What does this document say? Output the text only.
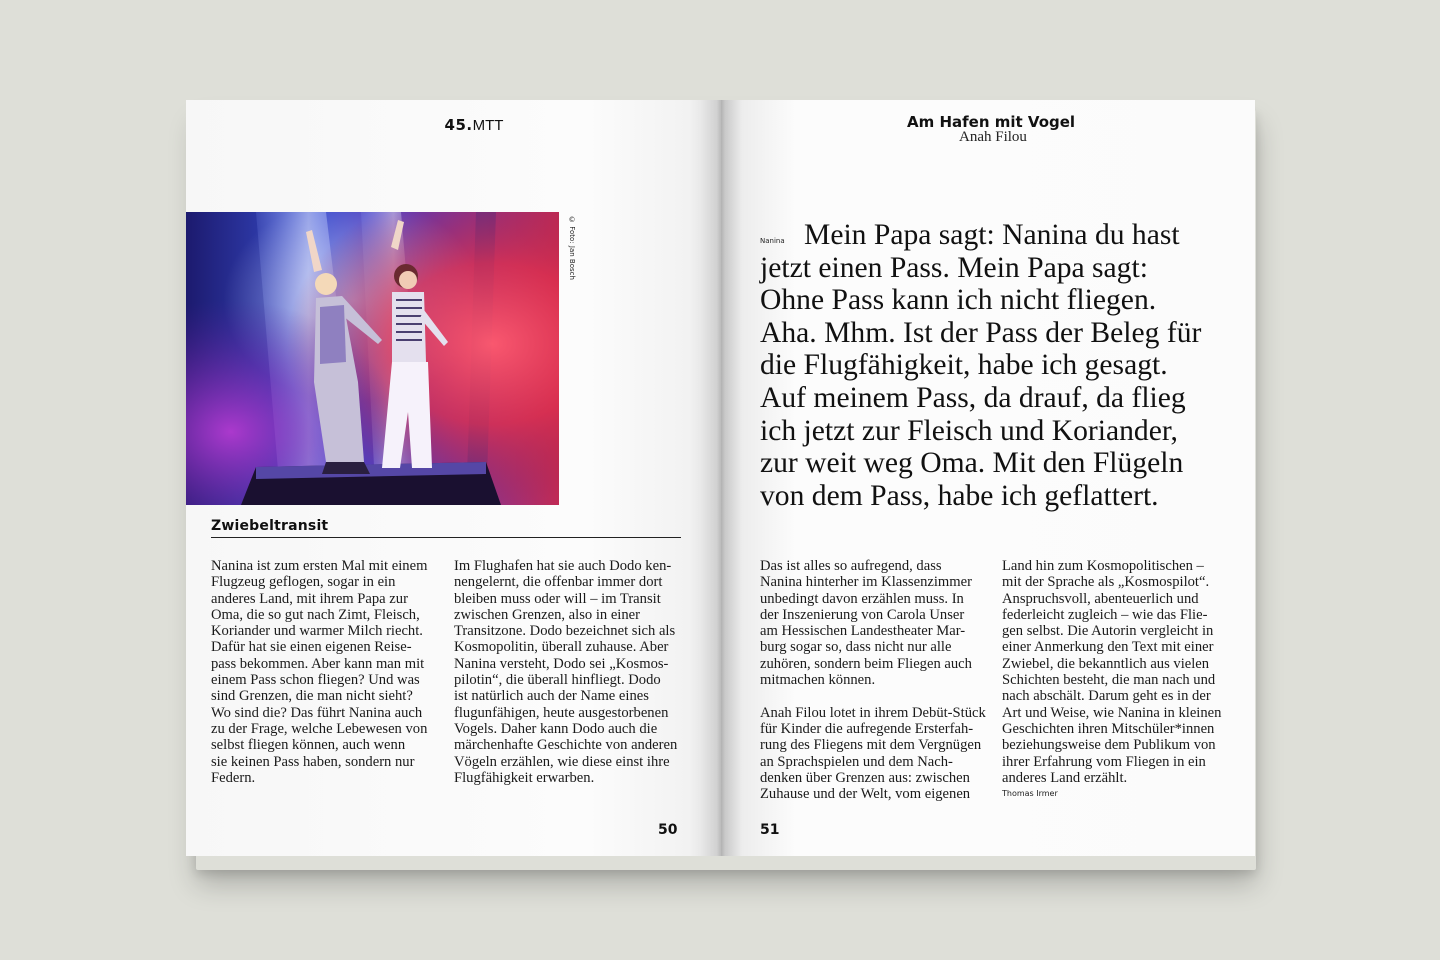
45.MTT
© Foto: Jan Bosch
Zwiebeltransit

Nanina ist zum ersten Mal mit einem
Flugzeug geflogen, sogar in ein
anderes Land, mit ihrem Papa zur
Oma, die so gut nach Zimt, Fleisch,
Koriander und warmer Milch riecht.
Dafür hat sie einen eigenen Reise-
pass bekommen. Aber kann man mit
einem Pass schon fliegen? Und was
sind Grenzen, die man nicht sieht?
Wo sind die? Das führt Nanina auch
zu der Frage, welche Lebewesen von
selbst fliegen können, auch wenn
sie keinen Pass haben, sondern nur
Federn.

Im Flughafen hat sie auch Dodo ken-
nengelernt, die offenbar immer dort
bleiben muss oder will – im Transit
zwischen Grenzen, also in einer
Transitzone. Dodo bezeichnet sich als
Kosmopolitin, überall zuhause. Aber
Nanina versteht, Dodo sei „Kosmos-
pilotin“, die überall hinfliegt. Dodo
ist natürlich auch der Name eines
flugunfähigen, heute ausgestorbenen
Vogels. Daher kann Dodo auch die
märchenhafte Geschichte von anderen
Vögeln erzählen, wie diese einst ihre
Flugfähigkeit erwarben.

50
Am Hafen mit Vogel
Anah Filou
Nanina Mein Papa sagt: Nanina du hast
jetzt einen Pass. Mein Papa sagt:
Ohne Pass kann ich nicht fliegen.
Aha. Mhm. Ist der Pass der Beleg für
die Flugfähigkeit, habe ich gesagt.
Auf meinem Pass, da drauf, da flieg
ich jetzt zur Fleisch und Koriander,
zur weit weg Oma. Mit den Flügeln
von dem Pass, habe ich geflattert.

Das ist alles so aufregend, dass
Nanina hinterher im Klassenzimmer
unbedingt davon erzählen muss. In
der Inszenierung von Carola Unser
am Hessischen Landestheater Mar-
burg sogar so, dass nicht nur alle
zuhören, sondern beim Fliegen auch
mitmachen können.

Anah Filou lotet in ihrem Debüt-Stück
für Kinder die aufregende Ersterfah-
rung des Fliegens mit dem Vergnügen
an Sprachspielen und dem Nach-
denken über Grenzen aus: zwischen
Zuhause und der Welt, vom eigenen

Land hin zum Kosmopolitischen –
mit der Sprache als „Kosmospilot“.
Anspruchsvoll, abenteuerlich und
federleicht zugleich – wie das Flie-
gen selbst. Die Autorin vergleicht in
einer Anmerkung den Text mit einer
Zwiebel, die bekanntlich aus vielen
Schichten besteht, die man nach und
nach abschält. Darum geht es in der
Art und Weise, wie Nanina in kleinen
Geschichten ihren Mitschüler*innen
beziehungsweise dem Publikum von
ihrer Erfahrung vom Fliegen in ein
anderes Land erzählt.

Thomas Irmer
51
